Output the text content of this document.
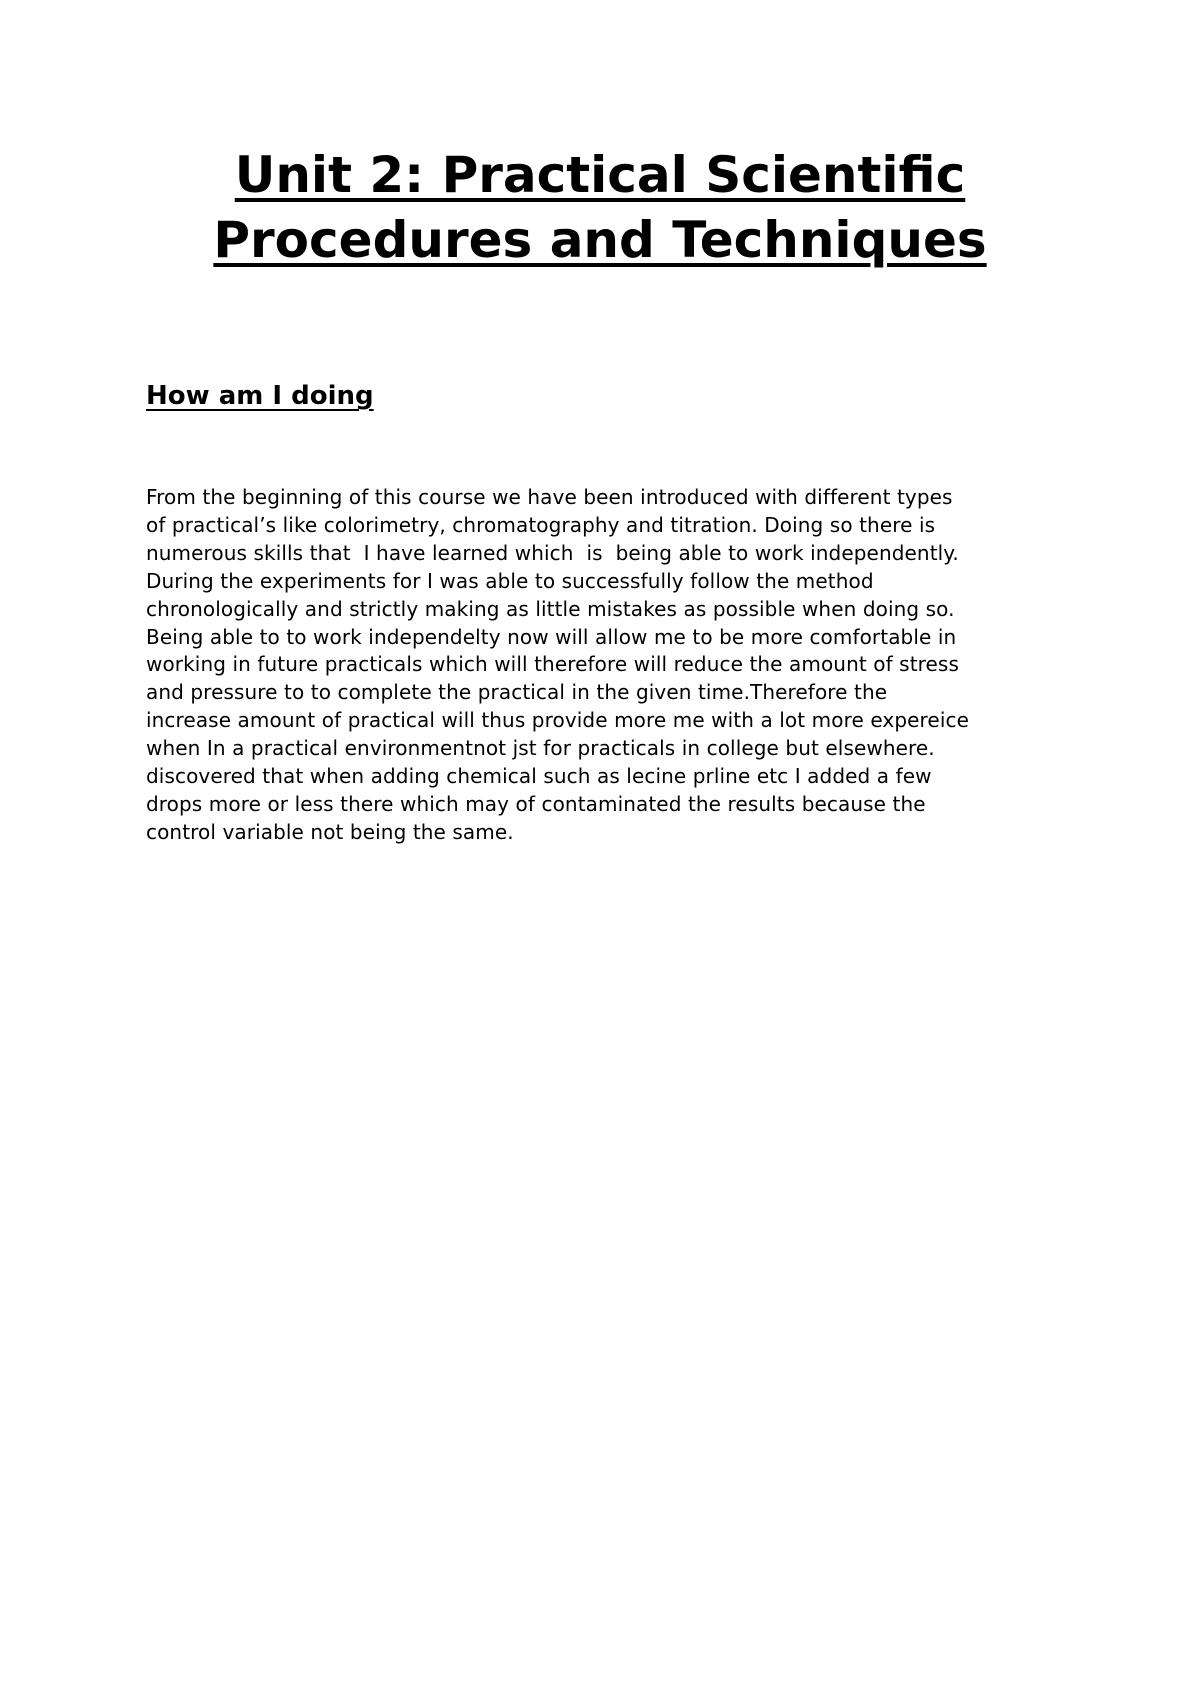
Unit 2: Practical Scientific
Procedures and Techniques
How am I doing
From the beginning of this course we have been introduced with different types
of practical’s like colorimetry, chromatography and titration. Doing so there is
numerous skills that  I have learned which  is  being able to work independently.
During the experiments for I was able to successfully follow the method
chronologically and strictly making as little mistakes as possible when doing so.
Being able to to work independelty now will allow me to be more comfortable in
working in future practicals which will therefore will reduce the amount of stress
and pressure to to complete the practical in the given time.Therefore the
increase amount of practical will thus provide more me with a lot more expereice
when In a practical environmentnot jst for practicals in college but elsewhere.
discovered that when adding chemical such as lecine prline etc I added a few
drops more or less there which may of contaminated the results because the
control variable not being the same.
